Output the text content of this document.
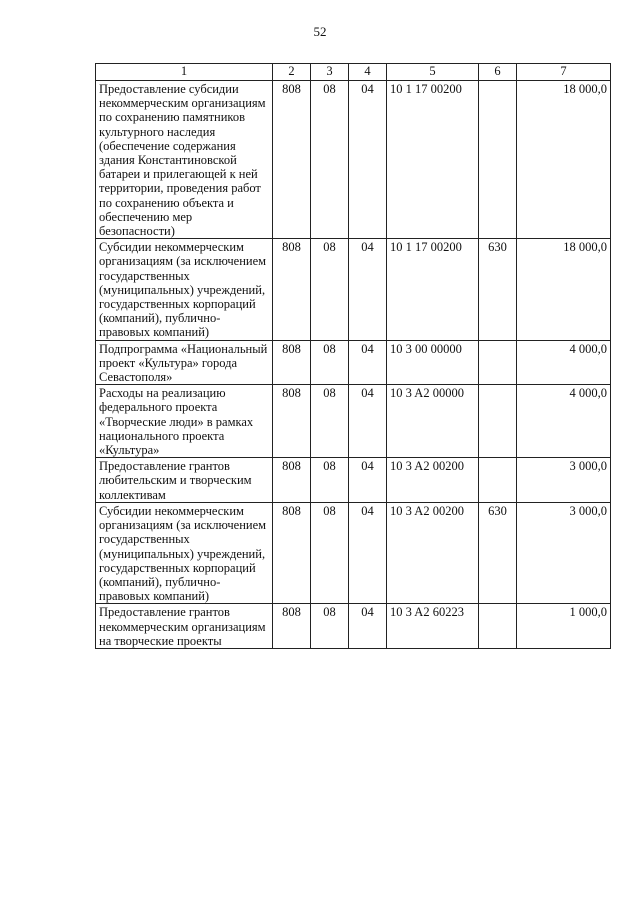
52
1	2	3	4	5	6	7
Предоставление субсидии некоммерческим организациям по сохранению памятников культурного наследия (обеспечение содержания здания Константиновской батареи и прилегающей к ней территории, проведения работ по сохранению объекта и обеспечению мер безопасности)	808	08	04	10 1 17 00200		18 000,0
Субсидии некоммерческим организациям (за исключением государственных (муниципальных) учреждений, государственных корпораций (компаний), публично-правовых компаний)	808	08	04	10 1 17 00200	630	18 000,0
Подпрограмма «Национальный проект «Культура» города Севастополя»	808	08	04	10 3 00 00000		4 000,0
Расходы на реализацию федерального проекта «Творческие люди» в рамках национального проекта «Культура»	808	08	04	10 3 A2 00000		4 000,0
Предоставление грантов любительским и творческим коллективам	808	08	04	10 3 A2 00200		3 000,0
Субсидии некоммерческим организациям (за исключением государственных (муниципальных) учреждений, государственных корпораций (компаний), публично-правовых компаний)	808	08	04	10 3 A2 00200	630	3 000,0
Предоставление грантов некоммерческим организациям на творческие проекты	808	08	04	10 3 A2 60223		1 000,0
